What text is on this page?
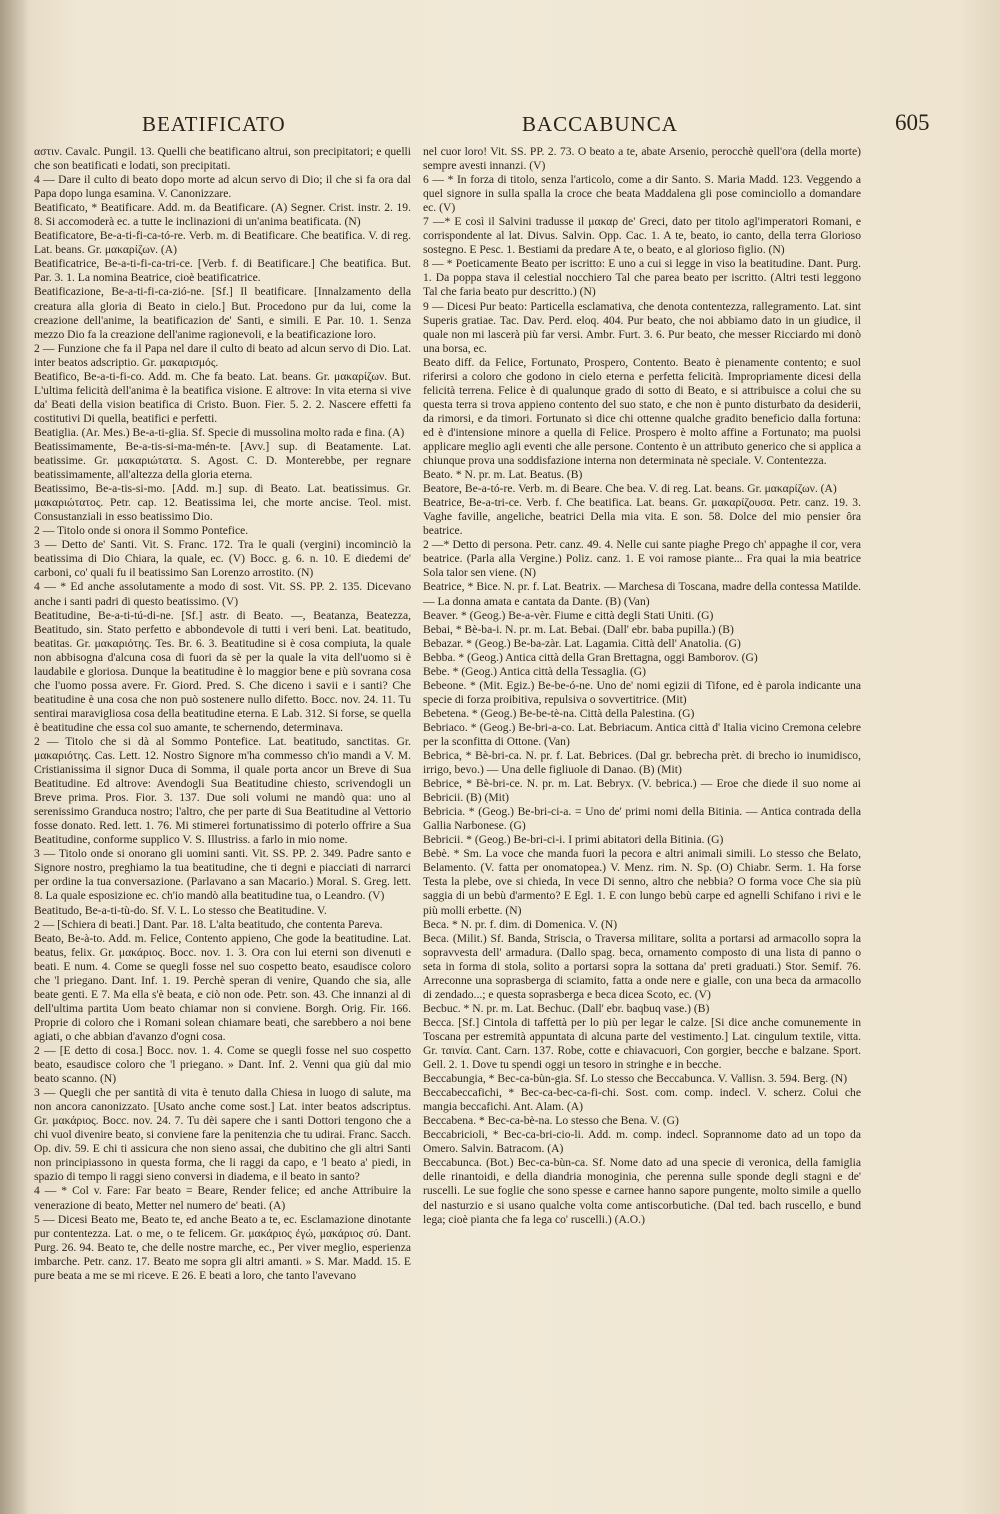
BEATIFICATO	BACCABUNCA	605

αστιν. Cavalc. Pungil. 13. Quelli che beatificano altrui, son precipitatori; e quelli che son beatificati e lodati, son precipitati.

4 — Dare il culto di beato dopo morte ad alcun servo di Dio; il che si fa ora dal Papa dopo lunga esamina. V. Canonizzare.

Beatificato, * Beatificare. Add. m. da Beatificare. (A) Segner. Crist. instr. 2. 19. 8. Si accomoderà ec. a tutte le inclinazioni di un'anima beatificata. (N)

Beatificatore, Be-a-ti-fi-ca-tó-re. Verb. m. di Beatificare. Che beatifica. V. di reg. Lat. beans. Gr. μακαρίζων. (A)

Beatificatrice, Be-a-ti-fi-ca-tri-ce. [Verb. f. di Beatificare.] Che beatifica. But. Par. 3. 1. La nomina Beatrice, cioè beatificatrice.

Beatificazione, Be-a-ti-fi-ca-zió-ne. [Sf.] Il beatificare. [Innalzamento della creatura alla gloria di Beato in cielo.] But. Procedono pur da lui, come la creazione dell'anime, la beatificazion de' Santi, e simili. E Par. 10. 1. Senza mezzo Dio fa la creazione dell'anime ragionevoli, e la beatificazione loro.

2 — Funzione che fa il Papa nel dare il culto di beato ad alcun servo di Dio. Lat. inter beatos adscriptio. Gr. μακαρισμός.

Beatifico, Be-a-ti-fi-co. Add. m. Che fa beato. Lat. beans. Gr. μακαρίζων. But. L'ultima felicità dell'anima è la beatifica visione. E altrove: In vita eterna si vive da' Beati della vision beatifica di Cristo. Buon. Fier. 5. 2. 2. Nascere effetti fa costitutivi Di quella, beatifici e perfetti.

Beatiglia. (Ar. Mes.) Be-a-ti-glia. Sf. Specie di mussolina molto rada e fina. (A)

Beatissimamente, Be-a-tis-si-ma-mén-te. [Avv.] sup. di Beatamente. Lat. beatissime. Gr. μακαριώτατα. S. Agost. C. D. Monterebbe, per regnare beatissimamente, all'altezza della gloria eterna.

Beatissimo, Be-a-tis-si-mo. [Add. m.] sup. di Beato. Lat. beatissimus. Gr. μακαριώτατος. Petr. cap. 12. Beatissima lei, che morte ancise. Teol. mist. Consustanziali in esso beatissimo Dio.

2 — Titolo onde si onora il Sommo Pontefice.

3 — Detto de' Santi. Vit. S. Franc. 172. Tra le quali (vergini) incominciò la beatissima di Dio Chiara, la quale, ec. (V) Bocc. g. 6. n. 10. E diedemi de' carboni, co' quali fu il beatissimo San Lorenzo arrostito. (N)

4 — * Ed anche assolutamente a modo di sost. Vit. SS. PP. 2. 135. Dicevano anche i santi padri di questo beatissimo. (V)

Beatitudine, Be-a-ti-tú-di-ne. [Sf.] astr. di Beato. —, Beatanza, Beatezza, Beatitudo, sin. Stato perfetto e abbondevole di tutti i veri beni. Lat. beatitudo, beatitas. Gr. μακαριότης. Tes. Br. 6. 3. Beatitudine si è cosa compiuta, la quale non abbisogna d'alcuna cosa di fuori da sè per la quale la vita dell'uomo si è laudabile e gloriosa. Dunque la beatitudine è lo maggior bene e più sovrana cosa che l'uomo possa avere. Fr. Giord. Pred. S. Che diceno i savii e i santi? Che beatitudine è una cosa che non può sostenere nullo difetto. Bocc. nov. 24. 11. Tu sentirai maravigliosa cosa della beatitudine eterna. E Lab. 312. Si forse, se quella è beatitudine che essa col suo amante, te schernendo, determinava.

2 — Titolo che si dà al Sommo Pontefice. Lat. beatitudo, sanctitas. Gr. μακαριότης. Cas. Lett. 12. Nostro Signore m'ha commesso ch'io mandi a V. M. Cristianissima il signor Duca di Somma, il quale porta ancor un Breve di Sua Beatitudine. Ed altrove: Avendogli Sua Beatitudine chiesto, scrivendogli un Breve prima. Pros. Fior. 3. 137. Due soli volumi ne mandò qua: uno al serenissimo Granduca nostro; l'altro, che per parte di Sua Beatitudine al Vettorio fosse donato. Red. lett. 1. 76. Mi stimerei fortunatissimo di poterlo offrire a Sua Beatitudine, conforme supplico V. S. Illustriss. a farlo in mio nome.

3 — Titolo onde si onorano gli uomini santi. Vit. SS. PP. 2. 349. Padre santo e Signore nostro, preghiamo la tua beatitudine, che ti degni e piacciati di narrarci per ordine la tua conversazione. (Parlavano a san Macario.) Moral. S. Greg. lett. 8. La quale esposizione ec. ch'io mandò alla beatitudine tua, o Leandro. (V)

Beatitudo, Be-a-ti-tù-do. Sf. V. L. Lo stesso che Beatitudine. V.

2 — [Schiera di beati.] Dant. Par. 18. L'alta beatitudo, che contenta Pareva.

Beato, Be-à-to. Add. m. Felice, Contento appieno, Che gode la beatitudine. Lat. beatus, felix. Gr. μακάριος. Bocc. nov. 1. 3. Ora con lui eterni son divenuti e beati. E num. 4. Come se quegli fosse nel suo cospetto beato, esaudisce coloro che 'l priegano. Dant. Inf. 1. 19. Perchè speran di venire, Quando che sia, alle beate genti. E 7. Ma ella s'è beata, e ciò non ode. Petr. son. 43. Che innanzi al di dell'ultima partita Uom beato chiamar non si conviene. Borgh. Orig. Fir. 166. Proprie di coloro che i Romani solean chiamare beati, che sarebbero a noi bene agiati, o che abbian d'avanzo d'ogni cosa.

2 — [E detto di cosa.] Bocc. nov. 1. 4. Come se quegli fosse nel suo cospetto beato, esaudisce coloro che 'l priegano. » Dant. Inf. 2. Venni qua giù dal mio beato scanno. (N)

3 — Quegli che per santità di vita è tenuto dalla Chiesa in luogo di salute, ma non ancora canonizzato. [Usato anche come sost.] Lat. inter beatos adscriptus. Gr. μακάριος. Bocc. nov. 24. 7. Tu dèi sapere che i santi Dottori tengono che a chi vuol divenire beato, si conviene fare la penitenzia che tu udirai. Franc. Sacch. Op. div. 59. E chi ti assicura che non sieno assai, che dubitino che gli altri Santi non principiassono in questa forma, che li raggi da capo, e 'l beato a' piedi, in spazio di tempo li raggi sieno conversi in diadema, e il beato in santo?

4 — * Col v. Fare: Far beato = Beare, Render felice; ed anche Attribuire la venerazione di beato, Metter nel numero de' beati. (A)

5 — Dicesi Beato me, Beato te, ed anche Beato a te, ec. Esclamazione dinotante pur contentezza. Lat. o me, o te felicem. Gr. μακάριος ἐγώ, μακάριος σύ. Dant. Purg. 26. 94. Beato te, che delle nostre marche, ec., Per viver meglio, esperienza imbarche. Petr. canz. 17. Beato me sopra gli altri amanti. » S. Mar. Madd. 15. E pure beata a me se mi riceve. E 26. E beati a loro, che tanto l'avevano

nel cuor loro! Vit. SS. PP. 2. 73. O beato a te, abate Arsenio, perocchè quell'ora (della morte) sempre avesti innanzi. (V)

6 — * In forza di titolo, senza l'articolo, come a dir Santo. S. Maria Madd. 123. Veggendo a quel signore in sulla spalla la croce che beata Maddalena gli pose cominciollo a domandare ec. (V)

7 —* E così il Salvini tradusse il μακαρ de' Greci, dato per titolo agl'imperatori Romani, e corrispondente al lat. Divus. Salvin. Opp. Cac. 1. A te, beato, io canto, della terra Glorioso sostegno. E Pesc. 1. Bestiami da predare A te, o beato, e al glorioso figlio. (N)

8 — * Poeticamente Beato per iscritto: E uno a cui si legge in viso la beatitudine. Dant. Purg. 1. Da poppa stava il celestial nocchiero Tal che parea beato per iscritto. (Altri testi leggono Tal che faria beato pur descritto.) (N)

9 — Dicesi Pur beato: Particella esclamativa, che denota contentezza, rallegramento. Lat. sint Superis gratiae. Tac. Dav. Perd. eloq. 404. Pur beato, che noi abbiamo dato in un giudice, il quale non mi lascerà più far versi. Ambr. Furt. 3. 6. Pur beato, che messer Ricciardo mi donò una borsa, ec.

Beato diff. da Felice, Fortunato, Prospero, Contento. Beato è pienamente contento; e suol riferirsi a coloro che godono in cielo eterna e perfetta felicità. Impropriamente dicesi della felicità terrena. Felice è di qualunque grado di sotto di Beato, e si attribuisce a colui che su questa terra si trova appieno contento del suo stato, e che non è punto disturbato da desiderii, da rimorsi, e da timori. Fortunato si dice chi ottenne qualche gradito beneficio dalla fortuna: ed è d'intensione minore a quella di Felice. Prospero è molto affine a Fortunato; ma puolsi applicare meglio agli eventi che alle persone. Contento è un attributo generico che si applica a chiunque prova una soddisfazione interna non determinata nè speciale. V. Contentezza.

Beato. * N. pr. m. Lat. Beatus. (B)

Beatore, Be-a-tó-re. Verb. m. di Beare. Che bea. V. di reg. Lat. beans. Gr. μακαρίζων. (A)

Beatrice, Be-a-tri-ce. Verb. f. Che beatifica. Lat. beans. Gr. μακαρίζουσα. Petr. canz. 19. 3. Vaghe faville, angeliche, beatrici Della mia vita. E son. 58. Dolce del mio pensier ôra beatrice.

2 —* Detto di persona. Petr. canz. 49. 4. Nelle cui sante piaghe Prego ch' appaghe il cor, vera beatrice. (Parla alla Vergine.) Poliz. canz. 1. E voi ramose piante... Fra quai la mia beatrice Sola talor sen viene. (N)

Beatrice, * Bice. N. pr. f. Lat. Beatrix. — Marchesa di Toscana, madre della contessa Matilde. — La donna amata e cantata da Dante. (B) (Van)

Beaver. * (Geog.) Be-a-vèr. Fiume e città degli Stati Uniti. (G)

Bebai, * Bè-ba-i. N. pr. m. Lat. Bebai. (Dall' ebr. baba pupilla.) (B)

Bebazar. * (Geog.) Be-ba-zàr. Lat. Lagamia. Città dell' Anatolia. (G)

Bebba. * (Geog.) Antica città della Gran Brettagna, oggi Bamborov. (G)

Bebe. * (Geog.) Antica città della Tessaglia. (G)

Bebeone. * (Mit. Egiz.) Be-be-ó-ne. Uno de' nomi egizii di Tifone, ed è parola indicante una specie di forza proibitiva, repulsiva o sovvertitrice. (Mit)

Bebetena. * (Geog.) Be-be-tè-na. Città della Palestina. (G)

Bebriaco. * (Geog.) Be-bri-a-co. Lat. Bebriacum. Antica città d' Italia vicino Cremona celebre per la sconfitta di Ottone. (Van)

Bebrica, * Bè-bri-ca. N. pr. f. Lat. Bebrices. (Dal gr. bebrecha prèt. di brecho io inumidisco, irrigo, bevo.) — Una delle figliuole di Danao. (B) (Mit)

Bebrice, * Bè-bri-ce. N. pr. m. Lat. Bebryx. (V. bebrica.) — Eroe che diede il suo nome ai Bebricii. (B) (Mit)

Bebricia. * (Geog.) Be-bri-ci-a. = Uno de' primi nomi della Bitinia. — Antica contrada della Gallia Narbonese. (G)

Bebricii. * (Geog.) Be-bri-ci-i. I primi abitatori della Bitinia. (G)

Bebè. * Sm. La voce che manda fuori la pecora e altri animali simili. Lo stesso che Belato, Belamento. (V. fatta per onomatopea.) V. Menz. rim. N. Sp. (O) Chiabr. Serm. 1. Ha forse Testa la plebe, ove si chieda, In vece Di senno, altro che nebbia? O forma voce Che sia più saggia di un bebù d'armento? E Egl. 1. E con lungo bebù carpe ed agnelli Schifano i rivi e le più molli erbette. (N)

Beca. * N. pr. f. dim. di Domenica. V. (N)

Beca. (Milit.) Sf. Banda, Striscia, o Traversa militare, solita a portarsi ad armacollo sopra la sopravvesta dell' armadura. (Dallo spag. beca, ornamento composto di una lista di panno o seta in forma di stola, solito a portarsi sopra la sottana da' preti graduati.) Stor. Semif. 76. Arreconne una soprasberga di sciamito, fatta a onde nere e gialle, con una beca da armacollo di zendado...; e questa soprasberga e beca dicea Scoto, ec. (V)

Becbuc. * N. pr. m. Lat. Bechuc. (Dall' ebr. baqbuq vase.) (B)

Becca. [Sf.] Cintola di taffettà per lo più per legar le calze. [Si dice anche comunemente in Toscana per estremità appuntata di alcuna parte del vestimento.] Lat. cingulum textile, vitta. Gr. ταινία. Cant. Carn. 137. Robe, cotte e chiavacuori, Con gorgier, becche e balzane. Sport. Gell. 2. 1. Dove tu spendi oggi un tesoro in stringhe e in becche.

Beccabungia, * Bec-ca-bùn-gia. Sf. Lo stesso che Beccabunca. V. Vallisn. 3. 594. Berg. (N)

Beccabeccafichi, * Bec-ca-bec-ca-fi-chi. Sost. com. comp. indecl. V. scherz. Colui che mangia beccafichi. Ant. Alam. (A)

Beccabena. * Bec-ca-bè-na. Lo stesso che Bena. V. (G)

Beccabricioli, * Bec-ca-bri-cio-li. Add. m. comp. indecl. Soprannome dato ad un topo da Omero. Salvin. Batracom. (A)

Beccabunca. (Bot.) Bec-ca-bùn-ca. Sf. Nome dato ad una specie di veronica, della famiglia delle rinantoidi, e della diandria monoginia, che perenna sulle sponde degli stagni e de' ruscelli. Le sue foglie che sono spesse e carnee hanno sapore pungente, molto simile a quello del nasturzio e si usano qualche volta come antiscorbutiche. (Dal ted. bach ruscello, e bund lega; cioè pianta che fa lega co' ruscelli.) (A.O.)
